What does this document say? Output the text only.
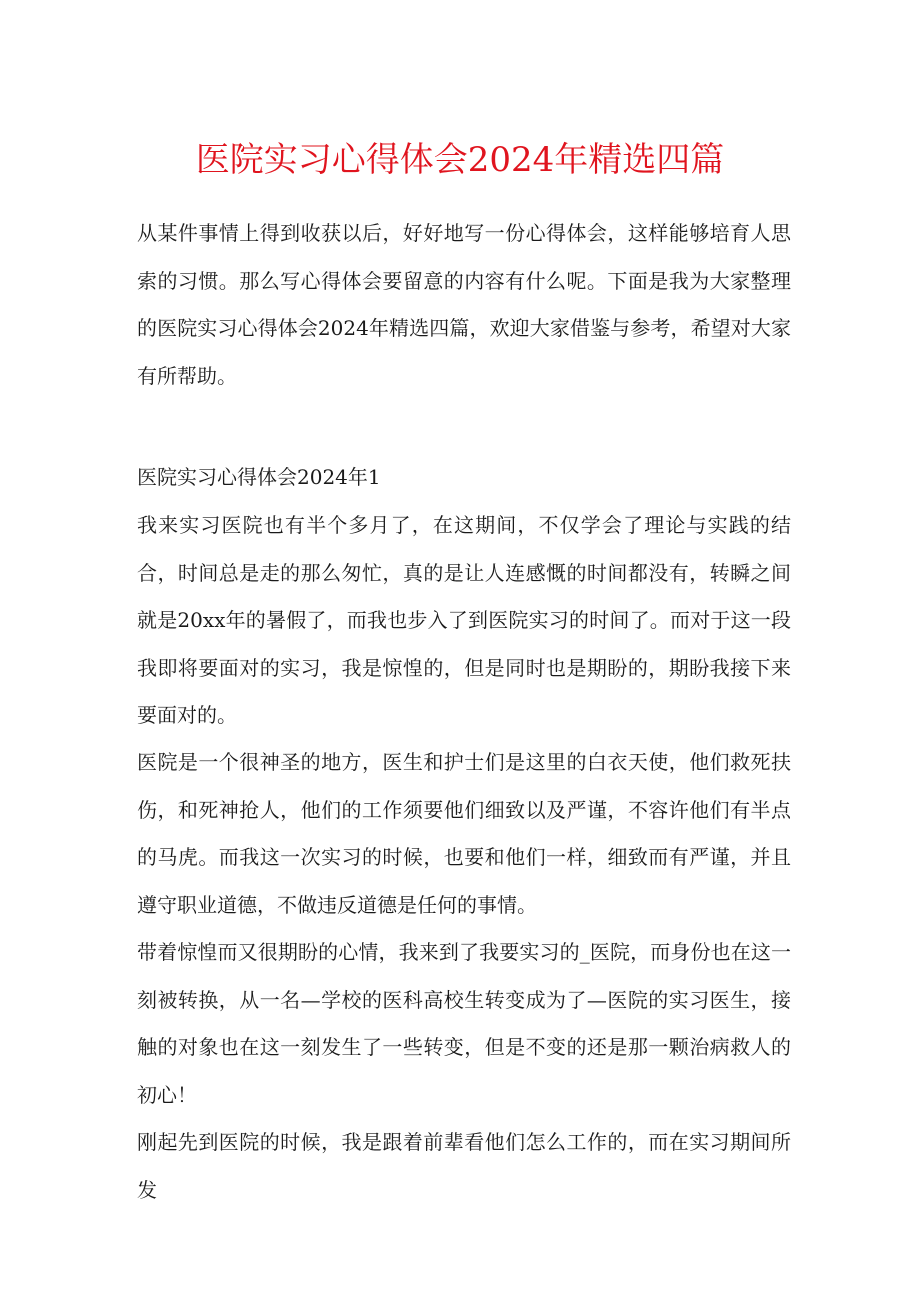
医院实习心得体会2024年精选四篇

从某件事情上得到收获以后，好好地写一份心得体会，这样能够培育人思索的习惯。那么写心得体会要留意的内容有什么呢。下面是我为大家整理的医院实习心得体会2024年精选四篇，欢迎大家借鉴与参考，希望对大家有所帮助。

医院实习心得体会2024年1

我来实习医院也有半个多月了，在这期间，不仅学会了理论与实践的结合，时间总是走的那么匆忙，真的是让人连感慨的时间都没有，转瞬之间就是20xx年的暑假了，而我也步入了到医院实习的时间了。而对于这一段我即将要面对的实习，我是惊惶的，但是同时也是期盼的，期盼我接下来要面对的。

医院是一个很神圣的地方，医生和护士们是这里的白衣天使，他们救死扶伤，和死神抢人，他们的工作须要他们细致以及严谨，不容许他们有半点的马虎。而我这一次实习的时候，也要和他们一样，细致而有严谨，并且遵守职业道德，不做违反道德是任何的事情。

带着惊惶而又很期盼的心情，我来到了我要实习的_医院，而身份也在这一刻被转换，从一名—学校的医科高校生转变成为了—医院的实习医生，接触的对象也在这一刻发生了一些转变，但是不变的还是那一颗治病救人的初心！

刚起先到医院的时候，我是跟着前辈看他们怎么工作的，而在实习期间所发
